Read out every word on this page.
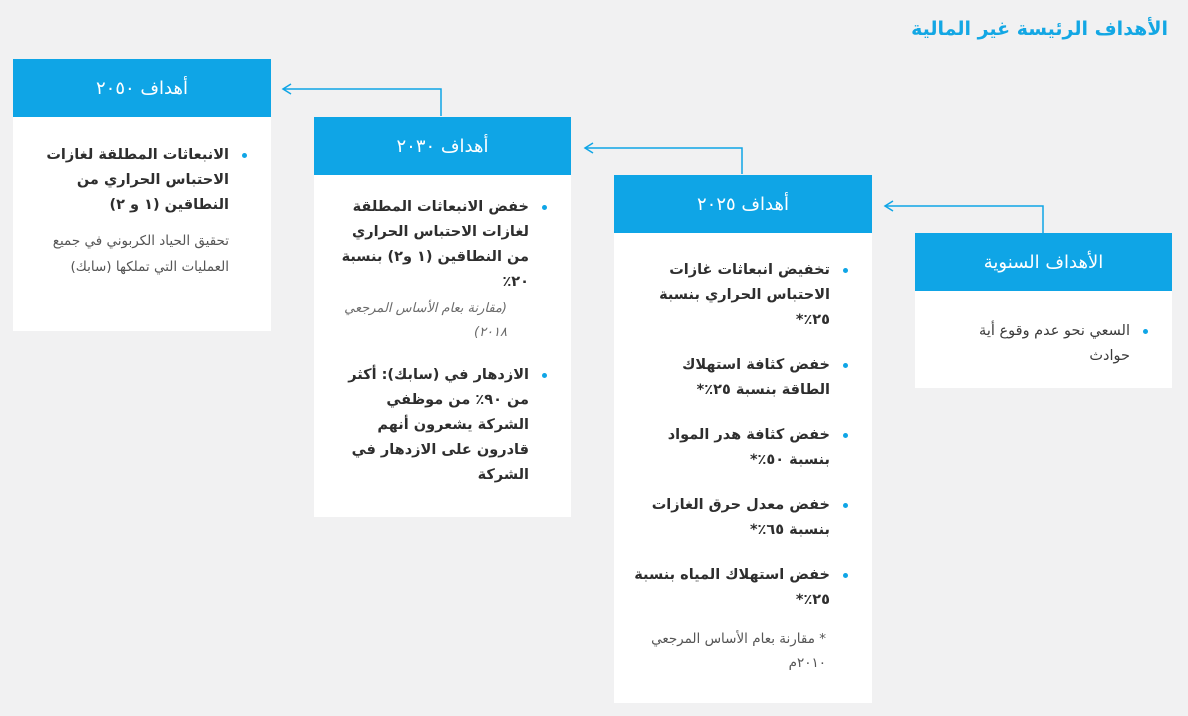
الأهداف الرئيسة غير المالية
الانبعاثات المطلقة لغازات الاحتباس الحراري من النطاقين (١ و ٢)
تحقيق الحياد الكربوني في جميع العمليات التي تملكها (سابك)
أهداف ٢٠٥٠
خفض الانبعاثات المطلقة لغازات الاحتباس الحراري من النطاقين (١ و٢) بنسبة ٢٠٪
(مقارنة بعام الأساس المرجعي ٢٠١٨)
الازدهار في (سابك): أكثر من ٩٠٪ من موظفي الشركة يشعرون أنهم قادرون على الازدهار في الشركة
أهداف ٢٠٣٠
تخفيض انبعاثات غازات الاحتباس الحراري بنسبة ٢٥٪*
خفض كثافة استهلاك الطاقة بنسبة ٢٥٪*
خفض كثافة هدر المواد بنسبة ٥٠٪*
خفض معدل حرق الغازات بنسبة ٦٥٪*
خفض استهلاك المياه بنسبة ٢٥٪*
* مقارنة بعام الأساس المرجعي ٢٠١٠م
أهداف ٢٠٢٥
السعي نحو عدم وقوع أية حوادث
الأهداف السنوية
